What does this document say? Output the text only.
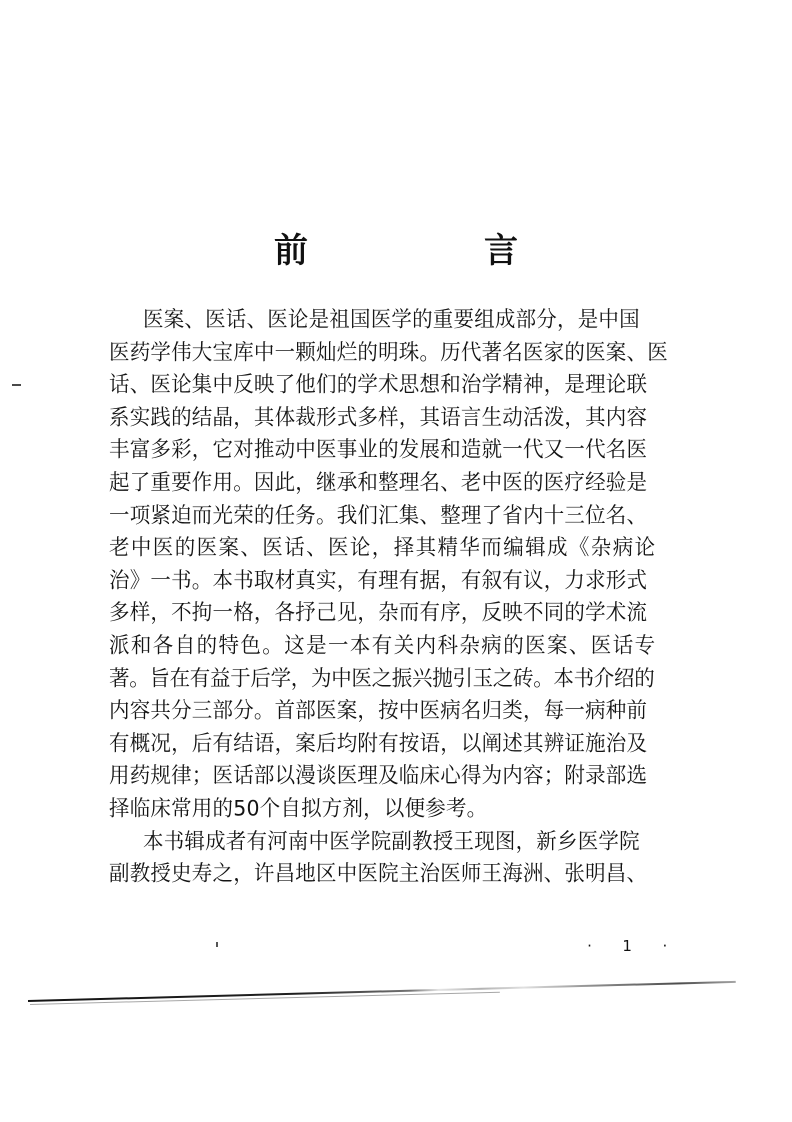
前　　言
医案、医话、医论是祖国医学的重要组成部分，是中国
医药学伟大宝库中一颗灿烂的明珠。历代著名医家的医案、医
话、医论集中反映了他们的学术思想和治学精神，是理论联
系实践的结晶，其体裁形式多样，其语言生动活泼，其内容
丰富多彩，它对推动中医事业的发展和造就一代又一代名医
起了重要作用。因此，继承和整理名、老中医的医疗经验是
一项紧迫而光荣的任务。我们汇集、整理了省内十三位名、
老中医的医案、医话、医论，择其精华而编辑成《杂病论
治》一书。本书取材真实，有理有据，有叙有议，力求形式
多样，不拘一格，各抒己见，杂而有序，反映不同的学术流
派和各自的特色。这是一本有关内科杂病的医案、医话专
著。旨在有益于后学，为中医之振兴抛引玉之砖。本书介绍的
内容共分三部分。首部医案，按中医病名归类，每一病种前
有概况，后有结语，案后均附有按语，以阐述其辨证施治及
用药规律；医话部以漫谈医理及临床心得为内容；附录部选
择临床常用的50个自拟方剂，以便参考。
本书辑成者有河南中医学院副教授王现图，新乡医学院
副教授史寿之，许昌地区中医院主治医师王海洲、张明昌、

·  1  ·
